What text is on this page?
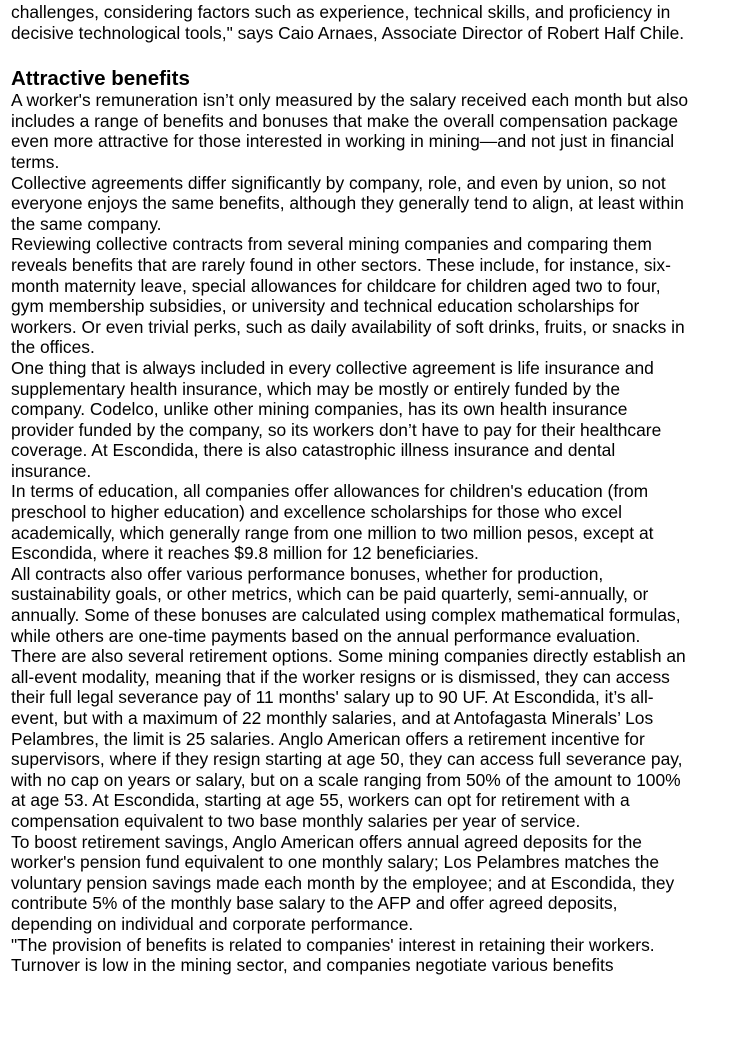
challenges, considering factors such as experience, technical skills, and proficiency in
decisive technological tools," says Caio Arnaes, Associate Director of Robert Half Chile.

Attractive benefits

A worker's remuneration isn’t only measured by the salary received each month but also
includes a range of benefits and bonuses that make the overall compensation package
even more attractive for those interested in working in mining—and not just in financial
terms.

Collective agreements differ significantly by company, role, and even by union, so not
everyone enjoys the same benefits, although they generally tend to align, at least within
the same company.

Reviewing collective contracts from several mining companies and comparing them
reveals benefits that are rarely found in other sectors. These include, for instance, six-
month maternity leave, special allowances for childcare for children aged two to four,
gym membership subsidies, or university and technical education scholarships for
workers. Or even trivial perks, such as daily availability of soft drinks, fruits, or snacks in
the offices.

One thing that is always included in every collective agreement is life insurance and
supplementary health insurance, which may be mostly or entirely funded by the
company. Codelco, unlike other mining companies, has its own health insurance
provider funded by the company, so its workers don’t have to pay for their healthcare
coverage. At Escondida, there is also catastrophic illness insurance and dental
insurance.

In terms of education, all companies offer allowances for children's education (from
preschool to higher education) and excellence scholarships for those who excel
academically, which generally range from one million to two million pesos, except at
Escondida, where it reaches $9.8 million for 12 beneficiaries.

All contracts also offer various performance bonuses, whether for production,
sustainability goals, or other metrics, which can be paid quarterly, semi-annually, or
annually. Some of these bonuses are calculated using complex mathematical formulas,
while others are one-time payments based on the annual performance evaluation.

There are also several retirement options. Some mining companies directly establish an
all-event modality, meaning that if the worker resigns or is dismissed, they can access
their full legal severance pay of 11 months' salary up to 90 UF. At Escondida, it’s all-
event, but with a maximum of 22 monthly salaries, and at Antofagasta Minerals’ Los
Pelambres, the limit is 25 salaries. Anglo American offers a retirement incentive for
supervisors, where if they resign starting at age 50, they can access full severance pay,
with no cap on years or salary, but on a scale ranging from 50% of the amount to 100%
at age 53. At Escondida, starting at age 55, workers can opt for retirement with a
compensation equivalent to two base monthly salaries per year of service.

To boost retirement savings, Anglo American offers annual agreed deposits for the
worker's pension fund equivalent to one monthly salary; Los Pelambres matches the
voluntary pension savings made each month by the employee; and at Escondida, they
contribute 5% of the monthly base salary to the AFP and offer agreed deposits,
depending on individual and corporate performance.

"The provision of benefits is related to companies' interest in retaining their workers.
Turnover is low in the mining sector, and companies negotiate various benefits
